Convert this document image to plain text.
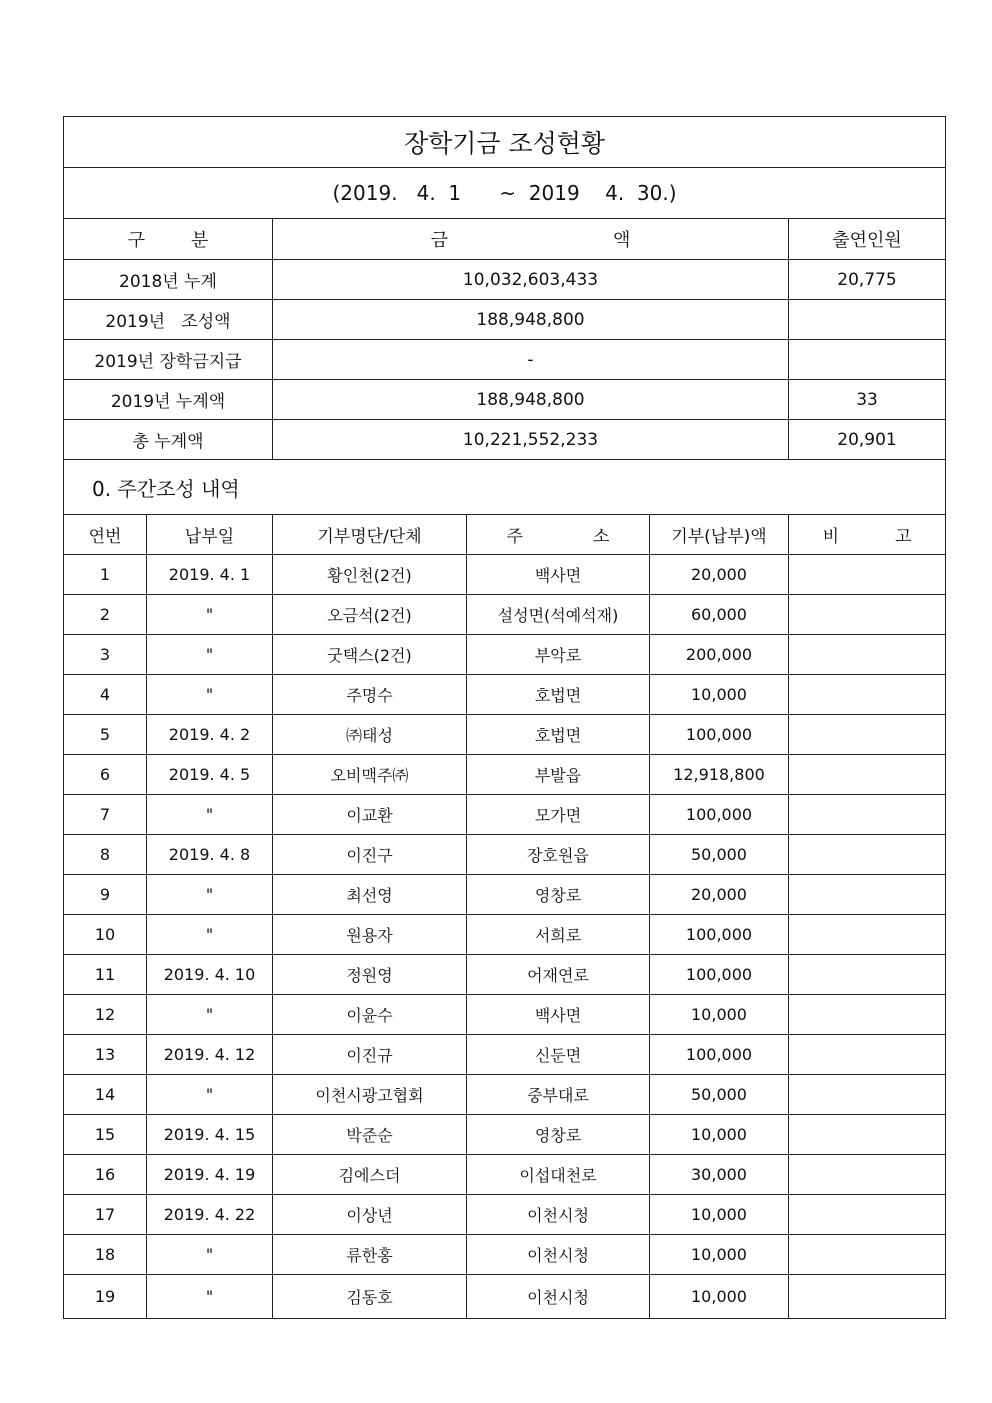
장학기금 조성현황					
(2019.   4.  1      ~  2019    4.  30.)					
구 분		금 액			출연인원
2018년 누계		10,032,603,433			20,775
2019년   조성액		188,948,800			
2019년 장학금지급		-			
2019년 누계액		188,948,800			33
총 누계액		10,221,552,233			20,901
0. 주간조성 내역					
연번	납부일	기부명단/단체	주 소	기부(납부)액	비 고
1	2019. 4. 1	황인천(2건)	백사면	20,000	
2	"	오금석(2건)	설성면(석예석재)	60,000	
3	"	굿택스(2건)	부악로	200,000	
4	"	주명수	호법면	10,000	
5	2019. 4. 2	㈜태성	호법면	100,000	
6	2019. 4. 5	오비맥주㈜	부발읍	12,918,800	
7	"	이교환	모가면	100,000	
8	2019. 4. 8	이진구	장호원읍	50,000	
9	"	최선영	영창로	20,000	
10	"	원용자	서희로	100,000	
11	2019. 4. 10	정원영	어재연로	100,000	
12	"	이윤수	백사면	10,000	
13	2019. 4. 12	이진규	신둔면	100,000	
14	"	이천시광고협회	중부대로	50,000	
15	2019. 4. 15	박준순	영창로	10,000	
16	2019. 4. 19	김에스더	이섭대천로	30,000	
17	2019. 4. 22	이상년	이천시청	10,000	
18	"	류한홍	이천시청	10,000	
19	"	김동호	이천시청	10,000	
